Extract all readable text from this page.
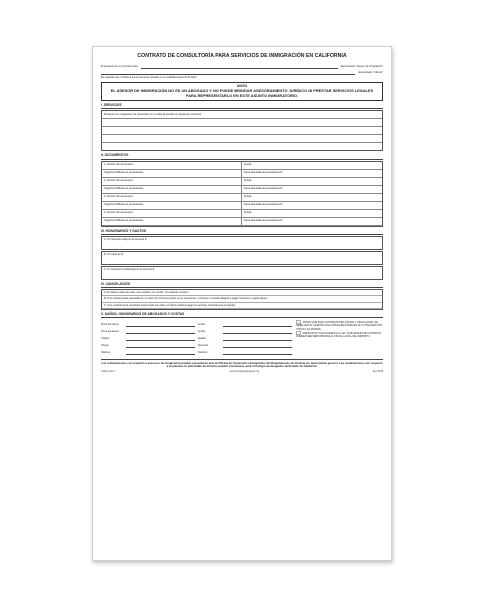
CONTRATO DE CONSULTORÍA PARA SERVICIOS DE INMIGRACIÓN EN CALIFORNIA
El presente es un contrato entre	denominado “Asesor de inmigración”
denominado “Cliente”
Es requisito que el Cliente lea el presente contrato en su totalidad antes de firmarlo.
AVISO
EL ASESOR DE INMIGRACIÓN NO ES UN ABOGADO Y NO PUEDE BRINDAR ASESORAMIENTO JURÍDICO NI PRESTAR SERVICIOS LEGALES PARA REPRESENTARLO EN ESTE ASUNTO INMIGRATORIO.
I. SERVICIOS
El Asesor de inmigración ha convenido con el Cliente prestar los siguientes servicios
II. DOCUMENTOS
1. Nombre del documento:	Fecha:
Organismo/Oficina de presentación:	Tarea aprobada de procesamiento:
2. Nombre del documento:	Fecha:
Organismo/Oficina de presentación:	Tarea aprobada de procesamiento:
3. Nombre del documento:	Fecha:
Organismo/Oficina de presentación:	Tarea aprobada de procesamiento:
4. Nombre del documento:	Fecha:
Organismo/Oficina de presentación:	Tarea aprobada de procesamiento:
III. HONORARIOS Y GASTOS
A. Un honorario total por la suma de $
B. Un cargo de $
C. Un honorario condicional por la suma de $
IV. CANCELACIÓN
A. El Cliente podrá cancelar este contrato, por escrito, sin cualquier reclamo.
B. Si el contrato fuera cancelado en un plazo de 72 horas a partir de su suscripción, el Cliente no estará obligado a pagar honorario ni gasto alguno.
C. Si el contrato fuera cancelado transcurrido ese plazo, el Cliente deberá pagar los servicios efectivamente prestados.
V. DAÑOS, HONORARIOS DE ABOGADOS Y COSTAS
Firma del cliente:	Fecha:
Firma del asesor:	Fecha:
Ciudad:	Estado:
Cliente:	Dirección:
Teléfono:	Teléfono:
ANTES QUE ESTE CONTRATO SEA VÁLIDO Y VINCULANTE, SE DEBE DAR AL CLIENTE UNA COPIA EJECUTADA EN SU TOTALIDAD POR TODAS LAS PARTES.
PRESUNTAS VIOLACIONES A LA LEY QUE RIGE ESTE CONTRATO PUEDEN SER REPORTADAS AL FISCAL LOCAL DEL DISTRITO.
Las reclamaciones con respecto a asesores de inmigración pueden presentarse ante la Oficina de Asistencia a Inmigrantes del Departamento de Justicia en: www.justice.gov/ovr. Las reclamaciones con respecto a la práctica no autorizada de derecho pueden presentarse ante el Colegio de Abogados del Estado de California.
©2019 AAIC™	www.ImmigrationExperts.org	Item #365
